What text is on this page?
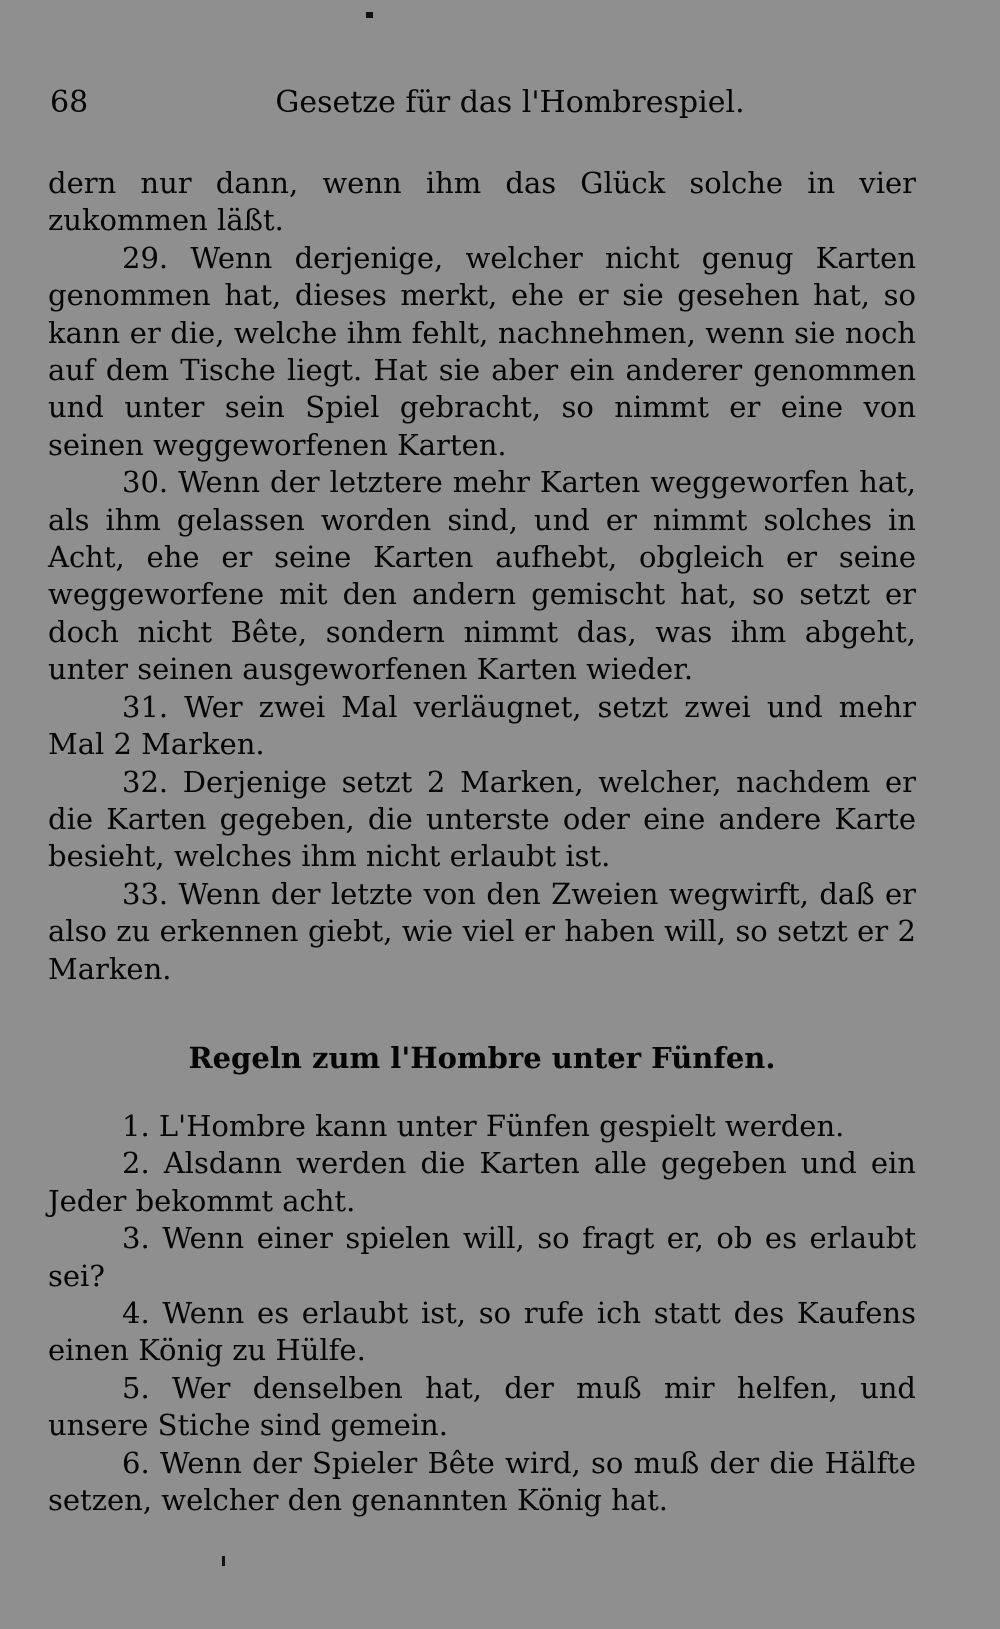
68	Gesetze für das l'Hombrespiel.

dern nur dann, wenn ihm das Glück solche in vier zukommen läßt.

29. Wenn derjenige, welcher nicht genug Karten genommen hat, dieses merkt, ehe er sie gesehen hat, so kann er die, welche ihm fehlt, nachnehmen, wenn sie noch auf dem Tische liegt. Hat sie aber ein anderer genommen und unter sein Spiel gebracht, so nimmt er eine von seinen weggeworfenen Karten.

30. Wenn der letztere mehr Karten weggeworfen hat, als ihm gelassen worden sind, und er nimmt solches in Acht, ehe er seine Karten aufhebt, obgleich er seine weggeworfene mit den andern gemischt hat, so setzt er doch nicht Bête, sondern nimmt das, was ihm abgeht, unter seinen ausgeworfenen Karten wieder.

31. Wer zwei Mal verläugnet, setzt zwei und mehr Mal 2 Marken.

32. Derjenige setzt 2 Marken, welcher, nachdem er die Karten gegeben, die unterste oder eine andere Karte besieht, welches ihm nicht erlaubt ist.

33. Wenn der letzte von den Zweien wegwirft, daß er also zu erkennen giebt, wie viel er haben will, so setzt er 2 Marken.

Regeln zum l'Hombre unter Fünfen.

1. L'Hombre kann unter Fünfen gespielt werden.

2. Alsdann werden die Karten alle gegeben und ein Jeder bekommt acht.

3. Wenn einer spielen will, so fragt er, ob es erlaubt sei?

4. Wenn es erlaubt ist, so rufe ich statt des Kaufens einen König zu Hülfe.

5. Wer denselben hat, der muß mir helfen, und unsere Stiche sind gemein.

6. Wenn der Spieler Bête wird, so muß der die Hälfte setzen, welcher den genannten König hat.
